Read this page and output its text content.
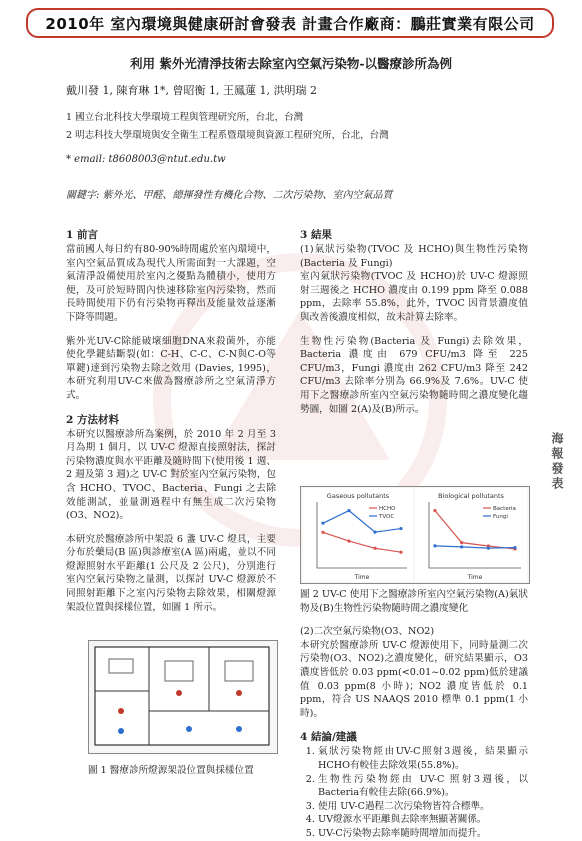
2010年 室內環境與健康研討會發表 計畫合作廠商：鵬莊實業有限公司
利用 紫外光清淨技術去除室內空氣污染物-以醫療診所為例
戴川發 1, 陳育琳 1*, 曾昭衡 1, 王鳳蓮 1, 洪明瑞 2
1 國立台北科技大學環境工程與管理研究所，台北，台灣
2 明志科技大學環境與安全衛生工程系暨環境與資源工程研究所，台北，台灣
* email: t8608003@ntut.edu.tw
關鍵字: 紫外光、甲醛、總揮發性有機化合物、二次污染物、室內空氣品質
1 前言

當前國人每日約有80-90%時間處於室內環境中，室內空氣品質成為現代人所需面對一大課題，空氣清淨設備使用於室內之優點為體積小，使用方便，及可於短時間內快速移除室內污染物，然而長時間使用下仍有污染物再釋出及能量效益逐漸下降等問題。

紫外光UV-C除能破壞細胞DNA來殺菌外，亦能使化學鍵結斷裂(如：C-H、C-C、C-N與C-O等單鍵)達到污染物去除之效用 (Davies, 1995)，本研究利用UV-C來做為醫療診所之空氣清淨方式。

2 方法材料

本研究以醫療診所為案例，於 2010 年 2 月至 3 月為期 1 個月，以 UV-C 燈源直接照射法，探討污染物濃度與水平距離及隨時間下(使用後 1 週、2 週及第 3 週)之 UV-C 對於室內空氣污染物，包含 HCHO、TVOC、Bacteria、Fungi 之去除效能測試，並量測過程中有無生成二次污染物(O3、NO2)。

本研究於醫療診所中架設 6 盞 UV-C 燈具，主要分布於藥局(B 區)與診療室(A 區)兩處，並以不同燈源照射水平距離(1 公尺及 2 公尺)，分別進行室內空氣污染物之量測，以探討 UV-C 燈源於不同照射距離下之室內污染物去除效果，相關燈源架設位置與採樣位置，如圖 1 所示。

圖 1 醫療診所燈源架設位置與採樣位置
3 結果

(1)氣狀污染物(TVOC 及 HCHO)與生物性污染物(Bacteria 及 Fungi)

室內氣狀污染物(TVOC 及 HCHO)於 UV-C 燈源照射三週後之 HCHO 濃度由 0.199 ppm 降至 0.088 ppm，去除率 55.8%，此外，TVOC 因背景濃度值與改善後濃度相似，故未計算去除率。

生物性污染物(Bacteria 及 Fungi)去除效果，Bacteria 濃度由 679 CFU/m3 降至 225 CFU/m3，Fungi 濃度由 262 CFU/m3 降至 242 CFU/m3 去除率分別為 66.9%及 7.6%。UV-C 使用下之醫療診所室內空氣污染物隨時間之濃度變化趨勢圖，如圖 2(A)及(B)所示。

Gaseous pollutants
Time
HCHO
TVOC
Biological pollutants
Time
Bacteria
Fungi

圖 2 UV-C 使用下之醫療診所室內空氣污染物(A)氣狀物及(B)生物性污染物隨時間之濃度變化

(2)二次空氣污染物(O3、NO2)

本研究於醫療診所 UV-C 燈源使用下，同時量測二次污染物(O3、NO2)之濃度變化，研究結果顯示，O3 濃度皆低於 0.03 ppm(<0.01~0.02 ppm)低於建議值 0.03 ppm(8 小時)；NO2 濃度皆低於 0.1 ppm，符合 US NAAQS 2010 標準 0.1 ppm(1 小時)。

4 結論/建議
1. 氣狀污染物經由UV-C照射3週後，結果顯示HCHO有較佳去除效果(55.8%)。
2. 生物性污染物經由 UV-C 照射3週後，以Bacteria有較佳去除(66.9%)。
3. 使用 UV-C過程二次污染物皆符合標準。
4. UV燈源水平距離與去除率無顯著關係。
5. UV-C污染物去除率隨時間增加而提升。
海報發表
